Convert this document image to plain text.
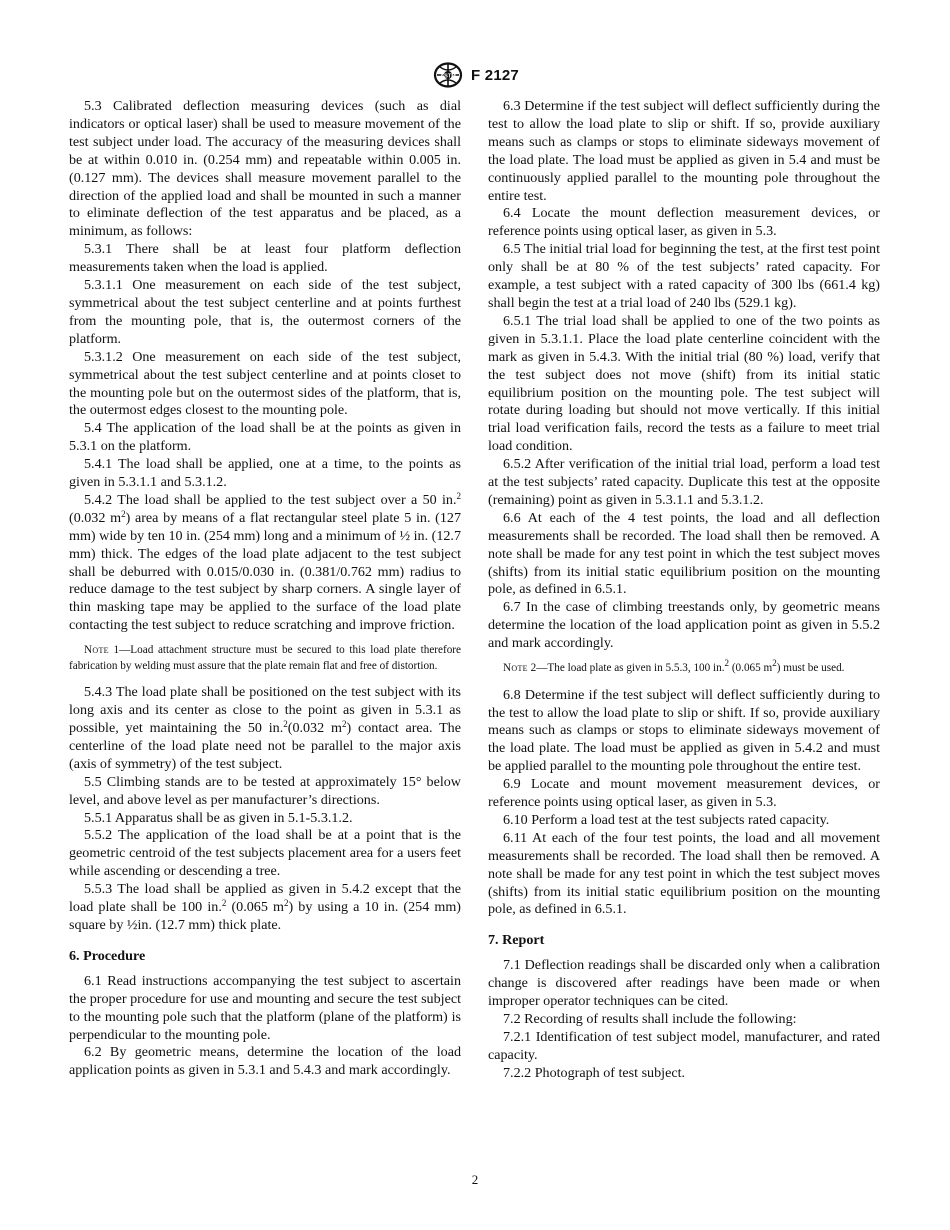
ASTM F 2127

5.3 Calibrated deflection measuring devices (such as dial indicators or optical laser) shall be used to measure movement of the test subject under load. The accuracy of the measuring devices shall be at within 0.010 in. (0.254 mm) and repeatable within 0.005 in. (0.127 mm). The devices shall measure movement parallel to the direction of the applied load and shall be mounted in such a manner to eliminate deflection of the test apparatus and be placed, as a minimum, as follows:

5.3.1 There shall be at least four platform deflection measurements taken when the load is applied.

5.3.1.1 One measurement on each side of the test subject, symmetrical about the test subject centerline and at points furthest from the mounting pole, that is, the outermost corners of the platform.

5.3.1.2 One measurement on each side of the test subject, symmetrical about the test subject centerline and at points closet to the mounting pole but on the outermost sides of the platform, that is, the outermost edges closest to the mounting pole.

5.4 The application of the load shall be at the points as given in 5.3.1 on the platform.

5.4.1 The load shall be applied, one at a time, to the points as given in 5.3.1.1 and 5.3.1.2.

5.4.2 The load shall be applied to the test subject over a 50 in.$^2$ (0.032 $m^2$) area by means of a flat rectangular steel plate 5 in. (127 mm) wide by ten 10 in. (254 mm) long and a minimum of ½ in. (12.7 mm) thick. The edges of the load plate adjacent to the test subject shall be deburred with 0.015/0.030 in. (0.381/0.762 mm) radius to reduce damage to the test subject by sharp corners. A single layer of thin masking tape may be applied to the surface of the load plate contacting the test subject to reduce scratching and improve friction.

Note 1—Load attachment structure must be secured to this load plate therefore fabrication by welding must assure that the plate remain flat and free of distortion.

5.4.3 The load plate shall be positioned on the test subject with its long axis and its center as close to the point as given in 5.3.1 as possible, yet maintaining the 50 in.$^2$(0.032 $m^2$) contact area. The centerline of the load plate need not be parallel to the major axis (axis of symmetry) of the test subject.

5.5 Climbing stands are to be tested at approximately 15° below level, and above level as per manufacturer’s directions.

5.5.1 Apparatus shall be as given in 5.1-5.3.1.2.

5.5.2 The application of the load shall be at a point that is the geometric centroid of the test subjects placement area for a users feet while ascending or descending a tree.

5.5.3 The load shall be applied as given in 5.4.2 except that the load plate shall be 100 in.$^2$ (0.065 $m^2$) by using a 10 in. (254 mm) square by ½in. (12.7 mm) thick plate.

6. Procedure

6.1 Read instructions accompanying the test subject to ascertain the proper procedure for use and mounting and secure the test subject to the mounting pole such that the platform (plane of the platform) is perpendicular to the mounting pole.

6.2 By geometric means, determine the location of the load application points as given in 5.3.1 and 5.4.3 and mark accordingly.

6.3 Determine if the test subject will deflect sufficiently during the test to allow the load plate to slip or shift. If so, provide auxiliary means such as clamps or stops to eliminate sideways movement of the load plate. The load must be applied as given in 5.4 and must be continuously applied parallel to the mounting pole throughout the entire test.

6.4 Locate the mount deflection measurement devices, or reference points using optical laser, as given in 5.3.

6.5 The initial trial load for beginning the test, at the first test point only shall be at 80 % of the test subjects’ rated capacity. For example, a test subject with a rated capacity of 300 lbs (661.4 kg) shall begin the test at a trial load of 240 lbs (529.1 kg).

6.5.1 The trial load shall be applied to one of the two points as given in 5.3.1.1. Place the load plate centerline coincident with the mark as given in 5.4.3. With the initial trial (80 %) load, verify that the test subject does not move (shift) from its initial static equilibrium position on the mounting pole. The test subject will rotate during loading but should not move vertically. If this initial trial load verification fails, record the tests as a failure to meet trial load condition.

6.5.2 After verification of the initial trial load, perform a load test at the test subjects’ rated capacity. Duplicate this test at the opposite (remaining) point as given in 5.3.1.1 and 5.3.1.2.

6.6 At each of the 4 test points, the load and all deflection measurements shall be recorded. The load shall then be removed. A note shall be made for any test point in which the test subject moves (shifts) from its initial static equilibrium position on the mounting pole, as defined in 6.5.1.

6.7 In the case of climbing treestands only, by geometric means determine the location of the load application point as given in 5.5.2 and mark accordingly.

Note 2—The load plate as given in 5.5.3, 100 in.$^2$ (0.065 $m^2$) must be used.

6.8 Determine if the test subject will deflect sufficiently during to the test to allow the load plate to slip or shift. If so, provide auxiliary means such as clamps or stops to eliminate sideways movement of the load plate. The load must be applied as given in 5.4.2 and must be applied parallel to the mounting pole throughout the entire test.

6.9 Locate and mount movement measurement devices, or reference points using optical laser, as given in 5.3.

6.10 Perform a load test at the test subjects rated capacity.

6.11 At each of the four test points, the load and all movement measurements shall be recorded. The load shall then be removed. A note shall be made for any test point in which the test subject moves (shifts) from its initial static equilibrium position on the mounting pole, as defined in 6.5.1.

7. Report

7.1 Deflection readings shall be discarded only when a calibration change is discovered after readings have been made or when improper operator techniques can be cited.

7.2 Recording of results shall include the following:

7.2.1 Identification of test subject model, manufacturer, and rated capacity.

7.2.2 Photograph of test subject.

2
